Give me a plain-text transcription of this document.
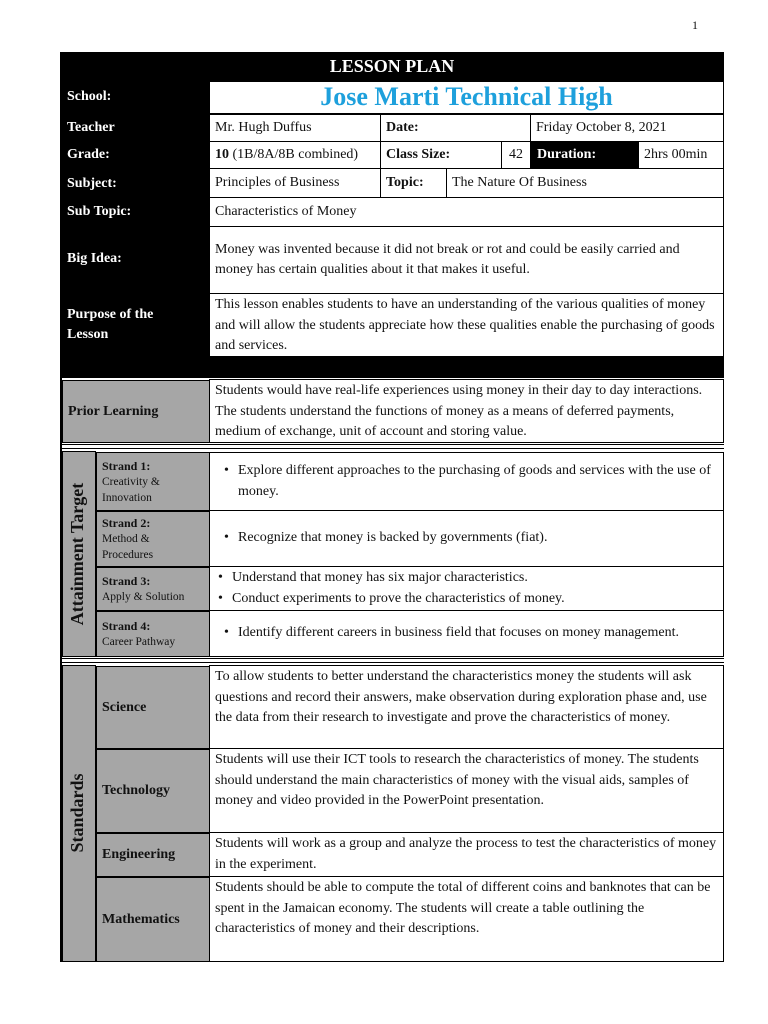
1
LESSON PLAN
School:	Jose Marti Technical High
Teacher	Mr. Hugh Duffus	Date:	Friday October 8, 2021
Grade:	10 (1B/8A/8B combined)	Class Size:	42	Duration:	2hrs 00min
Subject:	Principles of Business	Topic:	The Nature Of Business
Sub Topic:	Characteristics of Money
Big Idea:
Money was invented because it did not break or rot and could be easily carried and money has certain qualities about it that makes it useful.
Purpose of the
Lesson
This lesson enables students to have an understanding of the various qualities of money and will allow the students appreciate how these qualities enable the purchasing of goods and services.
Prior Learning
Students would have real-life experiences using money in their day to day interactions. The students understand the functions of money as a means of deferred payments, medium of exchange, unit of account and storing value.
Attainment Target
Strand 1:
Creativity &
Innovation
• Explore different approaches to the purchasing of goods and services with the use of money.
Strand 2:
Method &
Procedures
• Recognize that money is backed by governments (fiat).
Strand 3:
Apply & Solution
• Understand that money has six major characteristics.
• Conduct experiments to prove the characteristics of money.
Strand 4:
Career Pathway
• Identify different careers in business field that focuses on money management.
Standards
Science
To allow students to better understand the characteristics money the students will ask questions and record their answers, make observation during exploration phase and, use the data from their research to investigate and prove the characteristics of money.
Technology
Students will use their ICT tools to research the characteristics of money. The students should understand the main characteristics of money with the visual aids, samples of money and video provided in the PowerPoint presentation.
Engineering
Students will work as a group and analyze the process to test the characteristics of money in the experiment.
Mathematics
Students should be able to compute the total of different coins and banknotes that can be spent in the Jamaican economy. The students will create a table outlining the characteristics of money and their descriptions.
